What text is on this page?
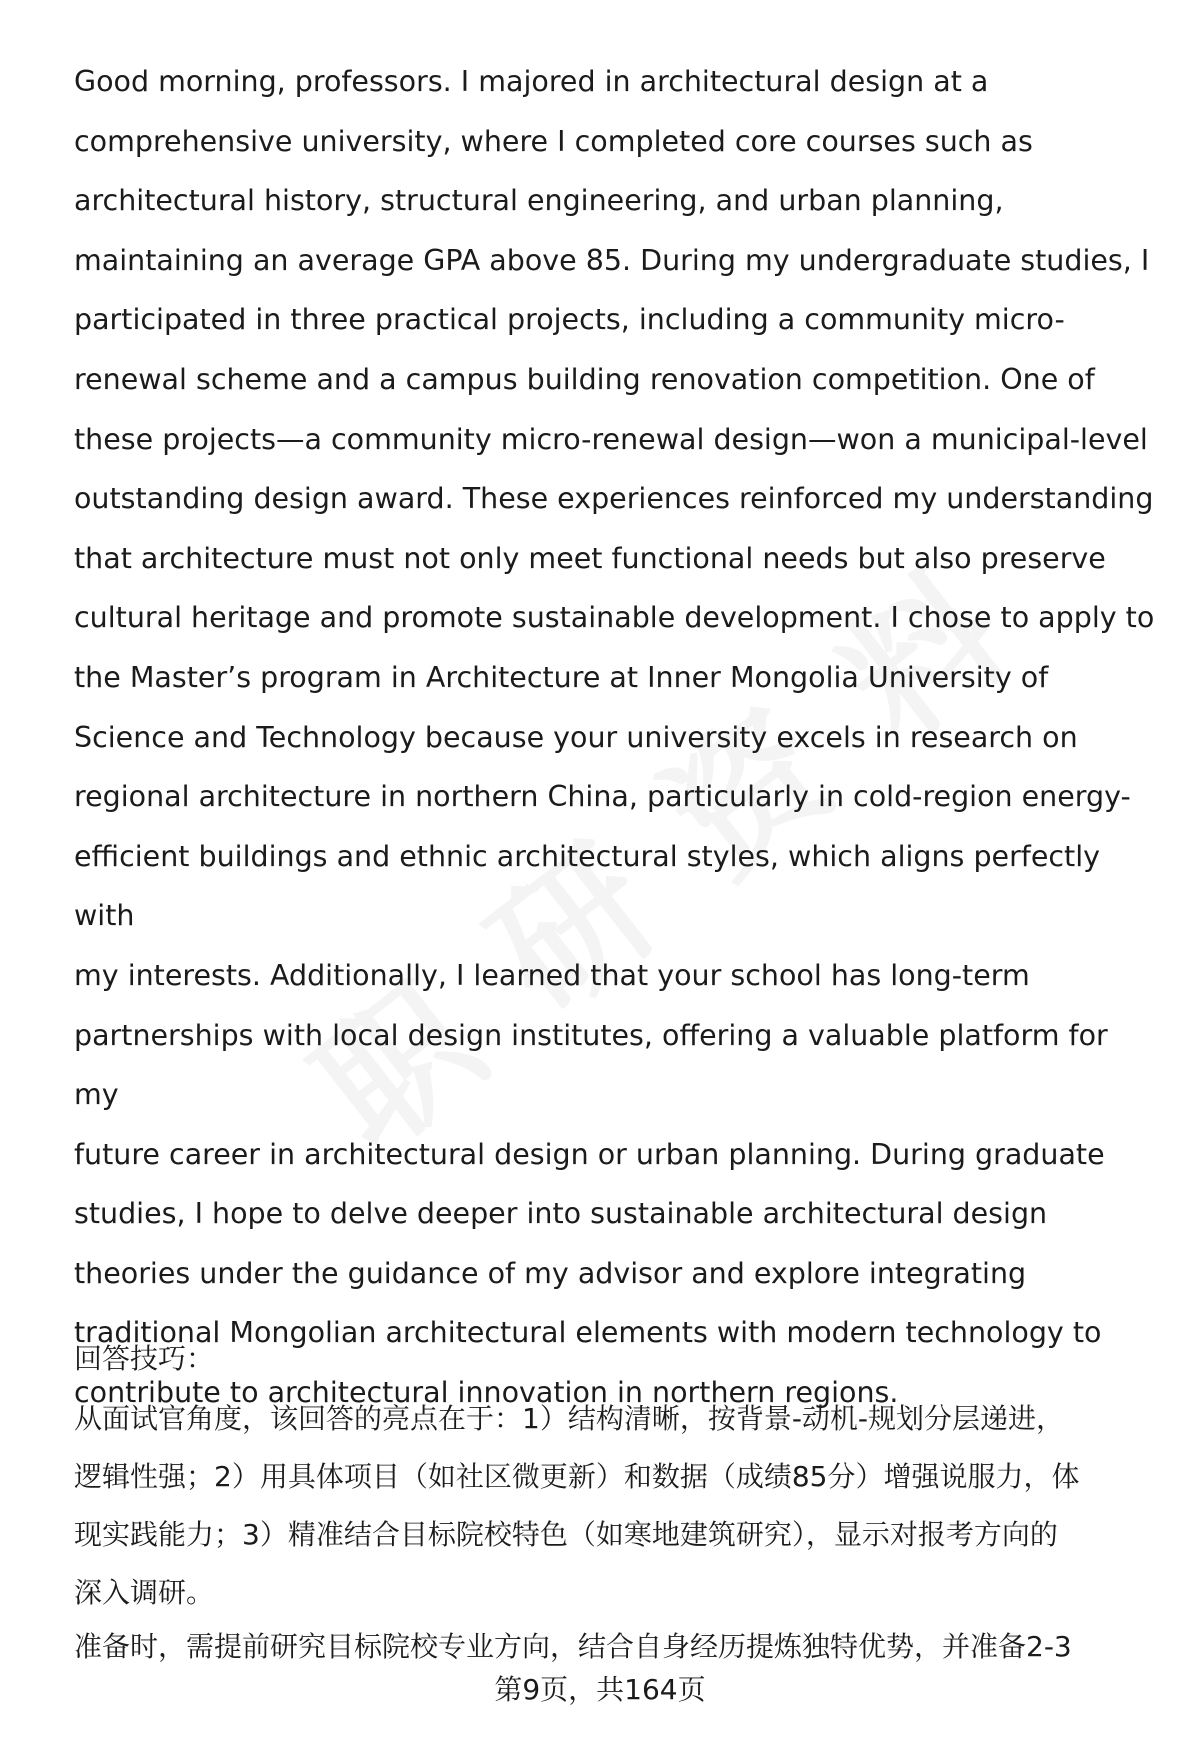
Good morning, professors. I majored in architectural design at a
comprehensive university, where I completed core courses such as
architectural history, structural engineering, and urban planning,
maintaining an average GPA above 85. During my undergraduate studies, I
participated in three practical projects, including a community micro-
renewal scheme and a campus building renovation competition. One of
these projects—a community micro-renewal design—won a municipal-level
outstanding design award. These experiences reinforced my understanding
that architecture must not only meet functional needs but also preserve
cultural heritage and promote sustainable development. I chose to apply to
the Master’s program in Architecture at Inner Mongolia University of
Science and Technology because your university excels in research on
regional architecture in northern China, particularly in cold-region energy-
efficient buildings and ethnic architectural styles, which aligns perfectly with
my interests. Additionally, I learned that your school has long-term
partnerships with local design institutes, offering a valuable platform for my
future career in architectural design or urban planning. During graduate
studies, I hope to delve deeper into sustainable architectural design
theories under the guidance of my advisor and explore integrating
traditional Mongolian architectural elements with modern technology to
contribute to architectural innovation in northern regions.

回答技巧：

从面试官角度，该回答的亮点在于：1）结构清晰，按背景-动机-规划分层递进，
逻辑性强；2）用具体项目（如社区微更新）和数据（成绩85分）增强说服力，体
现实践能力；3）精准结合目标院校特色（如寒地建筑研究），显示对报考方向的
深入调研。

准备时，需提前研究目标院校专业方向，结合自身经历提炼独特优势，并准备2-3

第9页，共164页
